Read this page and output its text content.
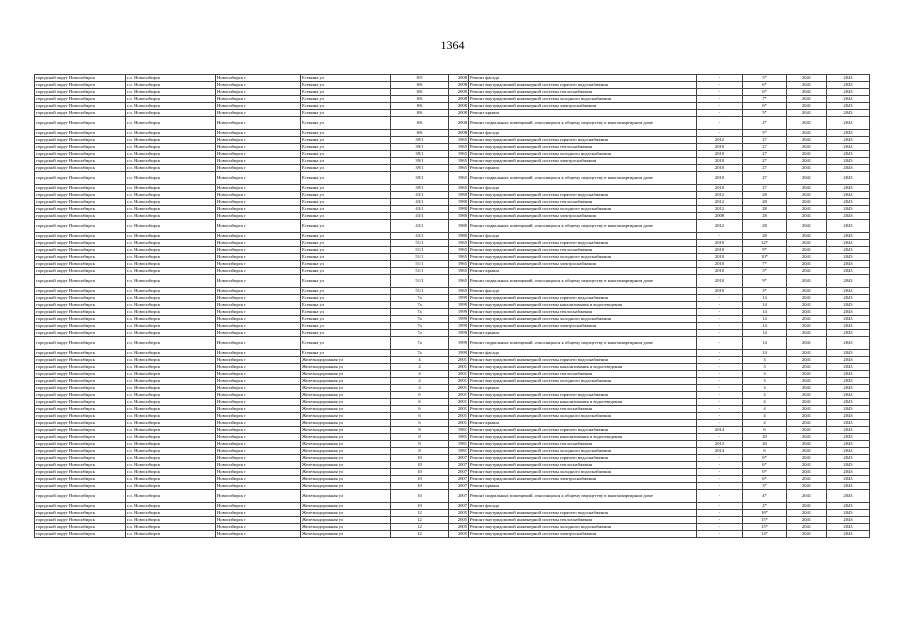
1364
городской округ Новосибирск	г.о. Новосибирск	Новосибирск г	Есенина ул	8/5	2008	Ремонт фасада	-	5*	2041	2043
городской округ Новосибирск	г.о. Новосибирск	Новосибирск г	Есенина ул	8/6	2008	Ремонт внутридомовой инженерной системы горячего водоснабжения	-	6*	2041	2043
городской округ Новосибирск	г.о. Новосибирск	Новосибирск г	Есенина ул	8/6	2008	Ремонт внутридомовой инженерной системы теплоснабжения	-	6*	2041	2043
городской округ Новосибирск	г.о. Новосибирск	Новосибирск г	Есенина ул	8/6	2008	Ремонт внутридомовой инженерной системы холодного водоснабжения	-	7*	2041	2043
городской округ Новосибирск	г.о. Новосибирск	Новосибирск г	Есенина ул	8/6	2008	Ремонт внутридомовой инженерной системы электроснабжения	-	6*	2041	2043
городской округ Новосибирск	г.о. Новосибирск	Новосибирск г	Есенина ул	8/6	2008	Ремонт крыши	-	3*	2041	2043
городской округ Новосибирск	г.о. Новосибирск	Новосибирск г	Есенина ул	8/6	2008	Ремонт подвальных помещений, относящихся к общему имуществу в многоквартирном доме	-	2*	2041	2043
городской округ Новосибирск	г.о. Новосибирск	Новосибирск г	Есенина ул	8/6	2008	Ремонт фасада	-	5*	2041	2043
городской округ Новосибирск	г.о. Новосибирск	Новосибирск г	Есенина ул	39/1	1965	Ремонт внутридомовой инженерной системы горячего водоснабжения	2012	27	2041	2043
городской округ Новосибирск	г.о. Новосибирск	Новосибирск г	Есенина ул	39/1	1965	Ремонт внутридомовой инженерной системы теплоснабжения	2010	27	2041	2043
городской округ Новосибирск	г.о. Новосибирск	Новосибирск г	Есенина ул	39/1	1965	Ремонт внутридомовой инженерной системы холодного водоснабжения	2010	27	2041	2043
городской округ Новосибирск	г.о. Новосибирск	Новосибирск г	Есенина ул	39/1	1965	Ремонт внутридомовой инженерной системы электроснабжения	2010	27	2041	2043
городской округ Новосибирск	г.о. Новосибирск	Новосибирск г	Есенина ул	39/1	1965	Ремонт крыши	2010	27	2041	2043
городской округ Новосибирск	г.о. Новосибирск	Новосибирск г	Есенина ул	39/1	1965	Ремонт подвальных помещений, относящихся к общему имуществу в многоквартирном доме	2010	27	2041	2043
городской округ Новосибирск	г.о. Новосибирск	Новосибирск г	Есенина ул	39/1	1965	Ремонт фасада	2010	27	2041	2043
городской округ Новосибирск	г.о. Новосибирск	Новосибирск г	Есенина ул	43/1	1980	Ремонт внутридомовой инженерной системы горячего водоснабжения	2012	28	2041	2043
городской округ Новосибирск	г.о. Новосибирск	Новосибирск г	Есенина ул	43/1	1980	Ремонт внутридомовой инженерной системы теплоснабжения	2012	28	2041	2043
городской округ Новосибирск	г.о. Новосибирск	Новосибирск г	Есенина ул	43/1	1980	Ремонт внутридомовой инженерной системы холодного водоснабжения	2012	28	2041	2043
городской округ Новосибирск	г.о. Новосибирск	Новосибирск г	Есенина ул	43/1	1980	Ремонт внутридомовой инженерной системы электроснабжения	2008	28	2041	2043
городской округ Новосибирск	г.о. Новосибирск	Новосибирск г	Есенина ул	43/1	1980	Ремонт подвальных помещений, относящихся к общему имуществу в многоквартирном доме	2012	28	2041	2043
городской округ Новосибирск	г.о. Новосибирск	Новосибирск г	Есенина ул	43/1	1980	Ремонт фасада	-	28	2041	2043
городской округ Новосибирск	г.о. Новосибирск	Новосибирск г	Есенина ул	51/1	1965	Ремонт внутридомовой инженерной системы горячего водоснабжения	2010	12*	2041	2043
городской округ Новосибирск	г.о. Новосибирск	Новосибирск г	Есенина ул	51/1	1965	Ремонт внутридомовой инженерной системы теплоснабжения	2010	9*	2041	2043
городской округ Новосибирск	г.о. Новосибирск	Новосибирск г	Есенина ул	51/1	1965	Ремонт внутридомовой инженерной системы холодного водоснабжения	2010	10*	2041	2043
городской округ Новосибирск	г.о. Новосибирск	Новосибирск г	Есенина ул	51/1	1965	Ремонт внутридомовой инженерной системы электроснабжения	2010	7*	2041	2043
городской округ Новосибирск	г.о. Новосибирск	Новосибирск г	Есенина ул	51/1	1965	Ремонт крыши	2010	5*	2041	2043
городской округ Новосибирск	г.о. Новосибирск	Новосибирск г	Есенина ул	51/1	1965	Ремонт подвальных помещений, относящихся к общему имуществу в многоквартирном доме	2010	9*	2041	2043
городской округ Новосибирск	г.о. Новосибирск	Новосибирск г	Есенина ул	51/1	1965	Ремонт фасада	2010	3*	2041	2043
городской округ Новосибирск	г.о. Новосибирск	Новосибирск г	Есенина ул	7а	1999	Ремонт внутридомовой инженерной системы горячего водоснабжения	-	14	2041	2043
городской округ Новосибирск	г.о. Новосибирск	Новосибирск г	Есенина ул	7а	1999	Ремонт внутридомовой инженерной системы канализования и водоотведения	-	14	2041	2043
городской округ Новосибирск	г.о. Новосибирск	Новосибирск г	Есенина ул	7а	1999	Ремонт внутридомовой инженерной системы теплоснабжения	-	14	2041	2043
городской округ Новосибирск	г.о. Новосибирск	Новосибирск г	Есенина ул	7а	1999	Ремонт внутридомовой инженерной системы холодного водоснабжения	-	14	2041	2043
городской округ Новосибирск	г.о. Новосибирск	Новосибирск г	Есенина ул	7а	1999	Ремонт внутридомовой инженерной системы электроснабжения	-	14	2041	2043
городской округ Новосибирск	г.о. Новосибирск	Новосибирск г	Есенина ул	7а	1999	Ремонт крыши	-	14	2041	2043
городской округ Новосибирск	г.о. Новосибирск	Новосибирск г	Есенина ул	7а	1999	Ремонт подвальных помещений, относящихся к общему имуществу в многоквартирном доме	-	14	2041	2043
городской округ Новосибирск	г.о. Новосибирск	Новосибирск г	Есенина ул	7а	1999	Ремонт фасада	-	14	2041	2043
городской округ Новосибирск	г.о. Новосибирск	Новосибирск г	Железнодорожная ул	4	2001	Ремонт внутридомовой инженерной системы горячего водоснабжения	-	3	2041	2043
городской округ Новосибирск	г.о. Новосибирск	Новосибирск г	Железнодорожная ул	4	2001	Ремонт внутридомовой инженерной системы канализования и водоотведения	-	3	2041	2043
городской округ Новосибирск	г.о. Новосибирск	Новосибирск г	Железнодорожная ул	4	2001	Ремонт внутридомовой инженерной системы теплоснабжения	-	3	2041	2043
городской округ Новосибирск	г.о. Новосибирск	Новосибирск г	Железнодорожная ул	4	2001	Ремонт внутридомовой инженерной системы холодного водоснабжения	-	3	2041	2043
городской округ Новосибирск	г.о. Новосибирск	Новосибирск г	Железнодорожная ул	4	2001	Ремонт крыши	-	3	2041	2043
городской округ Новосибирск	г.о. Новосибирск	Новосибирск г	Железнодорожная ул	6	2001	Ремонт внутридомовой инженерной системы горячего водоснабжения	-	4	2041	2043
городской округ Новосибирск	г.о. Новосибирск	Новосибирск г	Железнодорожная ул	6	2001	Ремонт внутридомовой инженерной системы канализования и водоотведения	-	4	2041	2043
городской округ Новосибирск	г.о. Новосибирск	Новосибирск г	Железнодорожная ул	6	2001	Ремонт внутридомовой инженерной системы теплоснабжения	-	4	2041	2043
городской округ Новосибирск	г.о. Новосибирск	Новосибирск г	Железнодорожная ул	6	2001	Ремонт внутридомовой инженерной системы холодного водоснабжения	-	4	2041	2043
городской округ Новосибирск	г.о. Новосибирск	Новосибирск г	Железнодорожная ул	6	2001	Ремонт крыши	-	4	2041	2043
городской округ Новосибирск	г.о. Новосибирск	Новосибирск г	Железнодорожная ул	8	1981	Ремонт внутридомовой инженерной системы горячего водоснабжения	2014	6	2041	2043
городской округ Новосибирск	г.о. Новосибирск	Новосибирск г	Железнодорожная ул	8	1981	Ремонт внутридомовой инженерной системы канализования и водоотведения	-	20	2041	2043
городской округ Новосибирск	г.о. Новосибирск	Новосибирск г	Железнодорожная ул	8	1981	Ремонт внутридомовой инженерной системы теплоснабжения	2013	20	2041	2043
городской округ Новосибирск	г.о. Новосибирск	Новосибирск г	Железнодорожная ул	8	1981	Ремонт внутридомовой инженерной системы холодного водоснабжения	2014	6	2041	2043
городской округ Новосибирск	г.о. Новосибирск	Новосибирск г	Железнодорожная ул	10	2007	Ремонт внутридомовой инженерной системы горячего водоснабжения	-	6*	2041	2043
городской округ Новосибирск	г.о. Новосибирск	Новосибирск г	Железнодорожная ул	10	2007	Ремонт внутридомовой инженерной системы теплоснабжения	-	6*	2041	2043
городской округ Новосибирск	г.о. Новосибирск	Новосибирск г	Железнодорожная ул	10	2007	Ремонт внутридомовой инженерной системы холодного водоснабжения	-	6*	2041	2043
городской округ Новосибирск	г.о. Новосибирск	Новосибирск г	Железнодорожная ул	10	2007	Ремонт внутридомовой инженерной системы электроснабжения	-	6*	2041	2043
городской округ Новосибирск	г.о. Новосибирск	Новосибирск г	Железнодорожная ул	10	2007	Ремонт крыши	-	3*	2041	2043
городской округ Новосибирск	г.о. Новосибирск	Новосибирск г	Железнодорожная ул	10	2007	Ремонт подвальных помещений, относящихся к общему имуществу в многоквартирном доме	-	4*	2041	2043
городской округ Новосибирск	г.о. Новосибирск	Новосибирск г	Железнодорожная ул	10	2007	Ремонт фасада	-	2*	2041	2043
городской округ Новосибирск	г.о. Новосибирск	Новосибирск г	Железнодорожная ул	12	2005	Ремонт внутридомовой инженерной системы горячего водоснабжения	-	16*	2041	2043
городской округ Новосибирск	г.о. Новосибирск	Новосибирск г	Железнодорожная ул	12	2005	Ремонт внутридомовой инженерной системы теплоснабжения	-	15*	2041	2043
городской округ Новосибирск	г.о. Новосибирск	Новосибирск г	Железнодорожная ул	12	2005	Ремонт внутридомовой инженерной системы холодного водоснабжения	-	15*	2041	2043
городской округ Новосибирск	г.о. Новосибирск	Новосибирск г	Железнодорожная ул	12	2005	Ремонт внутридомовой инженерной системы электроснабжения	-	14*	2041	2043
